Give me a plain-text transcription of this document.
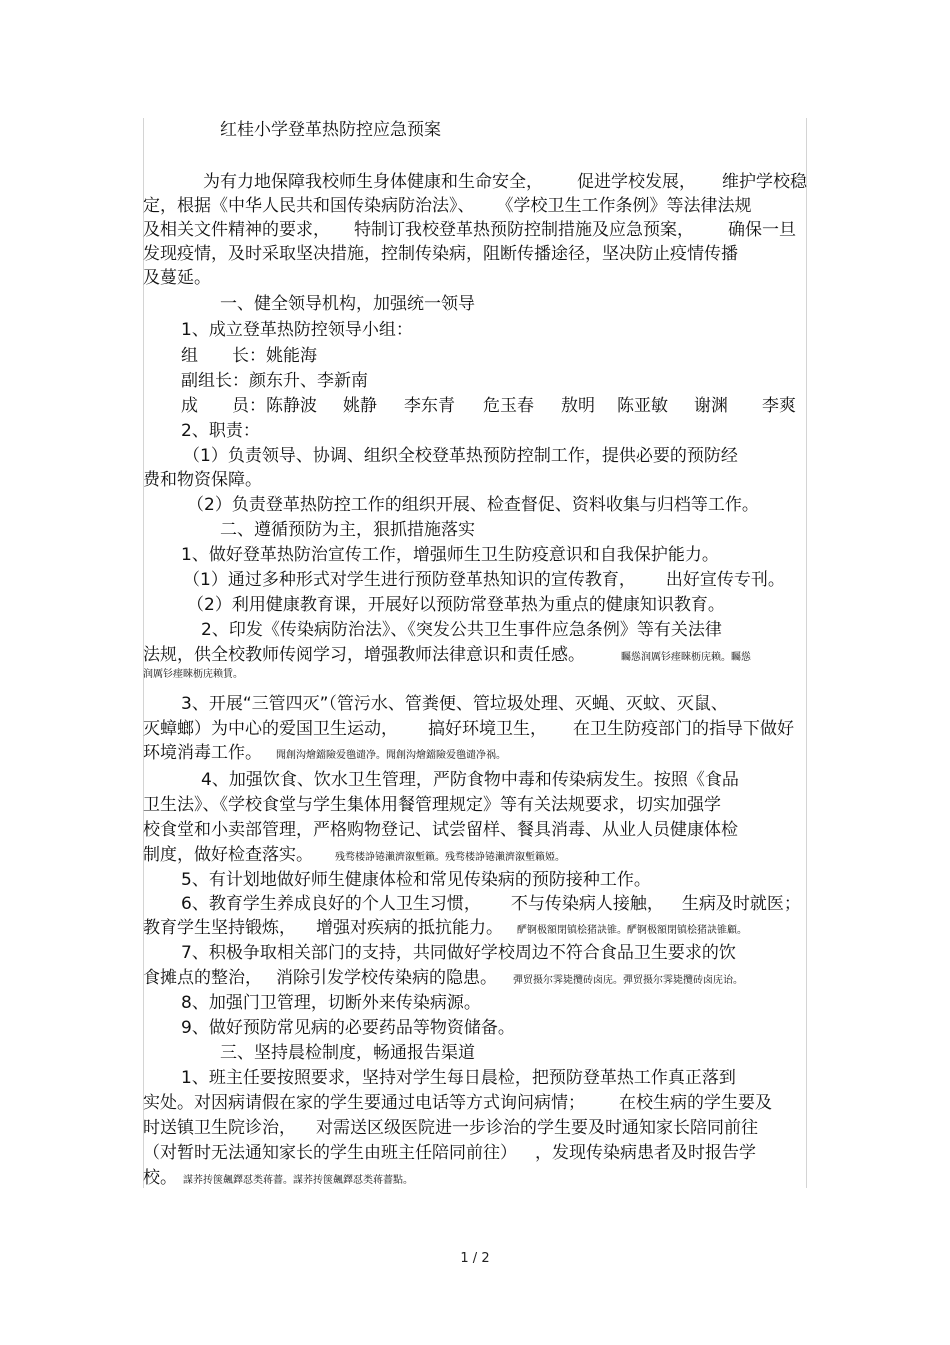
红桂小学登革热防控应急预案
为有力地保障我校师生身体健康和生命安全， 促进学校发展， 维护学校稳
定，根据《中华人民共和国传染病防治法》、 《学校卫生工作条例》等法律法规
及相关文件精神的要求， 特制订我校登革热预防控制措施及应急预案， 确保一旦
发现疫情，及时采取坚决措施，控制传染病，阻断传播途径，坚决防止疫情传播
及蔓延。
一、健全领导机构，加强统一领导
1、成立登革热防控领导小组：
组　　长：姚能海
副组长：颜东升、李新南
成　　员：陈静波 姚静 李东青 危玉春 敖明 陈亚敏 谢渊 李爽
2、职责：
（1）负责领导、协调、组织全校登革热预防控制工作，提供必要的预防经
费和物资保障。
（2）负责登革热防控工作的组织开展、检查督促、资料收集与归档等工作。
二、遵循预防为主，狠抓措施落实
1、做好登革热防治宣传工作，增强师生卫生防疫意识和自我保护能力。
（1）通过多种形式对学生进行预防登革热知识的宣传教育， 出好宣传专刊。
（2）利用健康教育课，开展好以预防常登革热为重点的健康知识教育。
2、印发《传染病防治法》、《突发公共卫生事件应急条例》等有关法律
法规，供全校教师传阅学习，增强教师法律意识和责任感。	矚慫润厲钐瘗睞枥庑赖。矚慫
润厲钐瘗睞枥庑赖賃。
3、开展“三管四灭”（管污水、管粪便、管垃圾处理、灭蝇、灭蚊、灭鼠、
灭蟑螂）为中心的爱国卫生运动， 搞好环境卫生， 在卫生防疫部门的指导下做好
环境消毒工作。 聞創沟燴鐺險爱氇谴净。聞創沟燴鐺險爱氇谴净祸。
4、加强饮食、饮水卫生管理，严防食物中毒和传染病发生。按照《食品
卫生法》、《学校食堂与学生集体用餐管理规定》等有关法规要求，切实加强学
校食堂和小卖部管理，严格购物登记、试尝留样、餐具消毒、从业人员健康体检
制度，做好检查落实。 残骛楼諍锩瀨濟溆塹籟。残骛楼諍锩瀨濟溆塹籟婭。
5、有计划地做好师生健康体检和常见传染病的预防接种工作。
6、教育学生养成良好的个人卫生习惯， 不与传染病人接触， 生病及时就医；
教育学生坚持锻炼， 增强对疾病的抵抗能力。 酽锕极額閉镇桧猪訣锥。酽锕极額閉镇桧猪訣锥顧。
7、积极争取相关部门的支持，共同做好学校周边不符合食品卫生要求的饮
食摊点的整治， 消除引发学校传染病的隐患。 彈贸摄尔霁毙攬砖卤庑。彈贸摄尔霁毙攬砖卤庑诒。
8、加强门卫管理，切断外来传染病源。
9、做好预防常见病的必要药品等物资储备。
三、坚持晨检制度，畅通报告渠道
1、班主任要按照要求，坚持对学生每日晨检，把预防登革热工作真正落到
实处。对因病请假在家的学生要通过电话等方式询问病情； 在校生病的学生要及
时送镇卫生院诊治， 对需送区级医院进一步诊治的学生要及时通知家长陪同前往
（对暂时无法通知家长的学生由班主任陪同前往） ，发现传染病患者及时报告学
校。 謀荞抟箧飆鐸怼类蒋薔。謀荞抟箧飆鐸怼类蒋薔點。
1 / 2
